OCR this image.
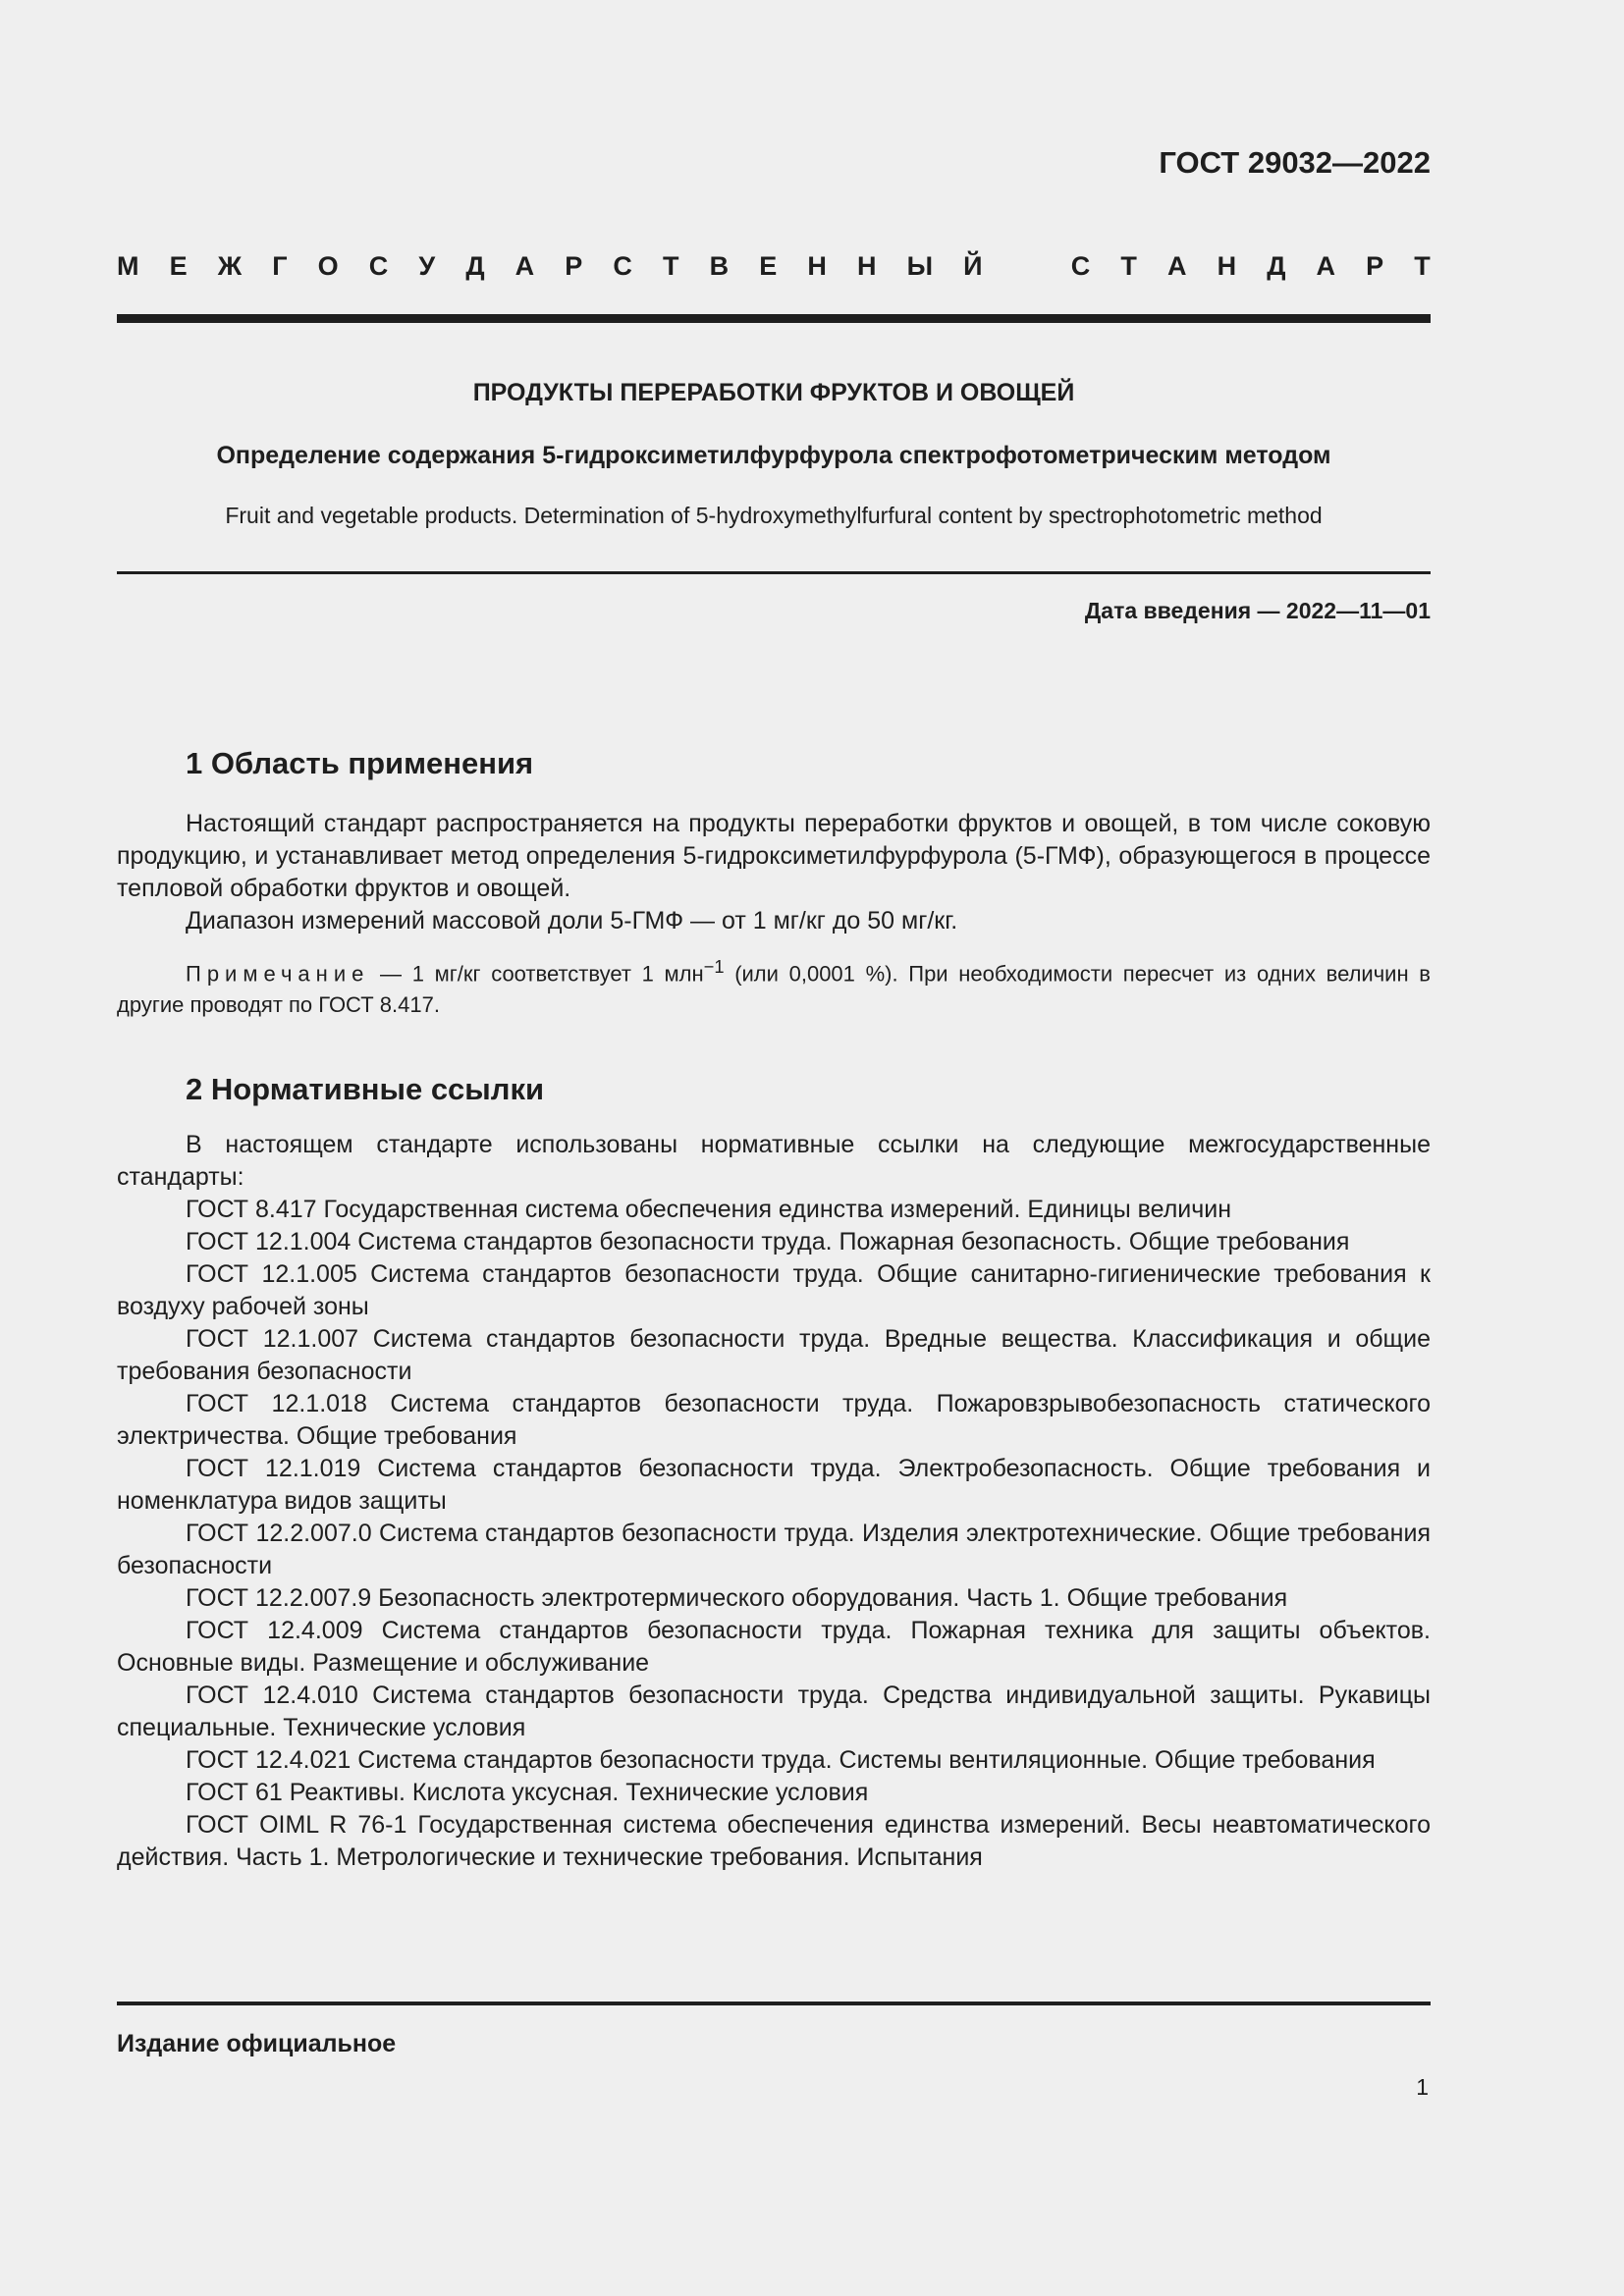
ГОСТ 29032—2022
М Е Ж Г О С У Д А Р С Т В Е Н Н Ы Й	С Т А Н Д А Р Т
ПРОДУКТЫ ПЕРЕРАБОТКИ ФРУКТОВ И ОВОЩЕЙ
Определение содержания 5-гидроксиметилфурфурола спектрофотометрическим методом
Fruit and vegetable products. Determination of 5-hydroxymethylfurfural content by spectrophotometric method
Дата введения — 2022—11—01
1 Область применения

Настоящий стандарт распространяется на продукты переработки фруктов и овощей, в том числе соковую продукцию, и устанавливает метод определения 5-гидроксиметилфурфурола (5-ГМФ), образующегося в процессе тепловой обработки фруктов и овощей.

Диапазон измерений массовой доли 5-ГМФ — от 1 мг/кг до 50 мг/кг.

Примечание — 1 мг/кг соответствует 1 млн$^{-1}$ (или 0,0001 %). При необходимости пересчет из одних величин в другие проводят по ГОСТ 8.417.
2 Нормативные ссылки

В настоящем стандарте использованы нормативные ссылки на следующие межгосударственные стандарты:

ГОСТ 8.417 Государственная система обеспечения единства измерений. Единицы величин

ГОСТ 12.1.004 Система стандартов безопасности труда. Пожарная безопасность. Общие требования

ГОСТ 12.1.005 Система стандартов безопасности труда. Общие санитарно-гигиенические требования к воздуху рабочей зоны

ГОСТ 12.1.007 Система стандартов безопасности труда. Вредные вещества. Классификация и общие требования безопасности

ГОСТ 12.1.018 Система стандартов безопасности труда. Пожаровзрывобезопасность статического электричества. Общие требования

ГОСТ 12.1.019 Система стандартов безопасности труда. Электробезопасность. Общие требования и номенклатура видов защиты

ГОСТ 12.2.007.0 Система стандартов безопасности труда. Изделия электротехнические. Общие требования безопасности

ГОСТ 12.2.007.9 Безопасность электротермического оборудования. Часть 1. Общие требования

ГОСТ 12.4.009 Система стандартов безопасности труда. Пожарная техника для защиты объектов. Основные виды. Размещение и обслуживание

ГОСТ 12.4.010 Система стандартов безопасности труда. Средства индивидуальной защиты. Рукавицы специальные. Технические условия

ГОСТ 12.4.021 Система стандартов безопасности труда. Системы вентиляционные. Общие требования

ГОСТ 61 Реактивы. Кислота уксусная. Технические условия

ГОСТ OIML R 76-1 Государственная система обеспечения единства измерений. Весы неавтоматического действия. Часть 1. Метрологические и технические требования. Испытания

Издание официальное
1
